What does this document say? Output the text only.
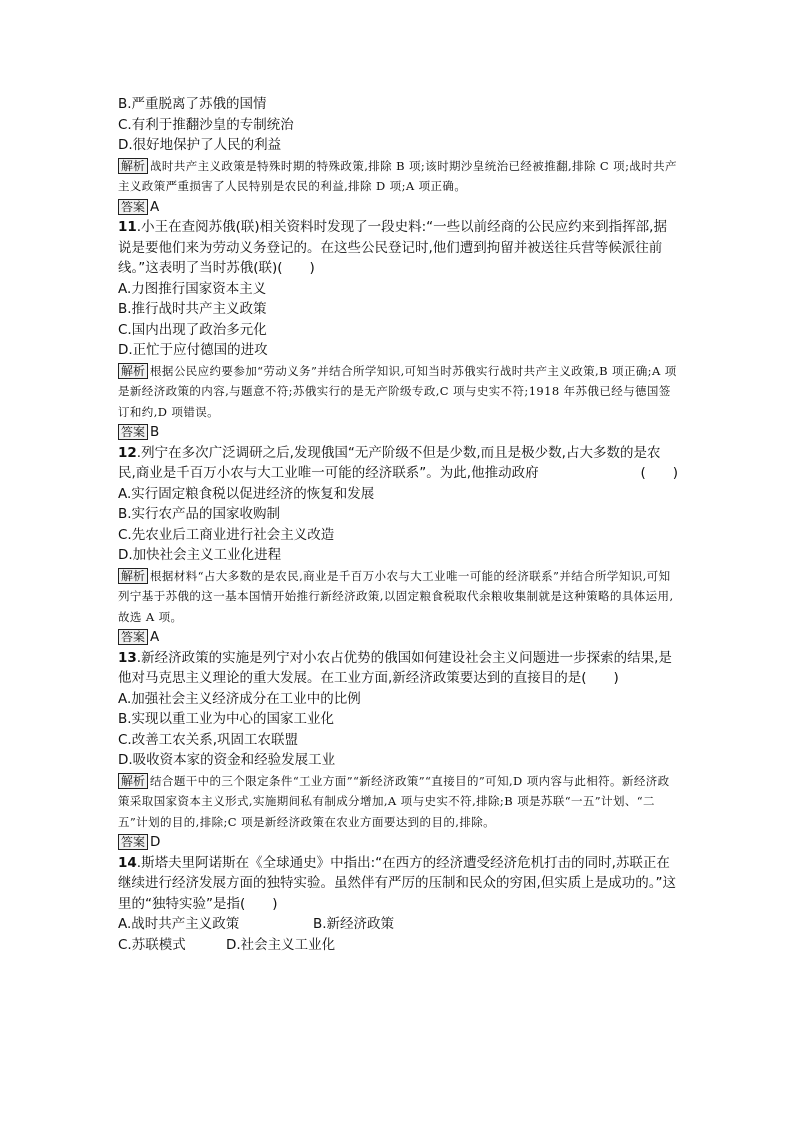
B.严重脱离了苏俄的国情
C.有利于推翻沙皇的专制统治
D.很好地保护了人民的利益
解析 战时共产主义政策是特殊时期的特殊政策,排除 B 项;该时期沙皇统治已经被推翻,排除 C 项;战时共产主义政策严重损害了人民特别是农民的利益,排除 D 项;A 项正确。
答案 A
11.小王在查阅苏俄(联)相关资料时发现了一段史料:“一些以前经商的公民应约来到指挥部,据说是要他们来为劳动义务登记的。在这些公民登记时,他们遭到拘留并被送往兵营等候派往前线。”这表明了当时苏俄(联)(　　)
A.力图推行国家资本主义
B.推行战时共产主义政策
C.国内出现了政治多元化
D.正忙于应付德国的进攻
解析 根据公民应约要参加“劳动义务”并结合所学知识,可知当时苏俄实行战时共产主义政策,B 项正确;A 项是新经济政策的内容,与题意不符;苏俄实行的是无产阶级专政,C 项与史实不符;1918 年苏俄已经与德国签订和约,D 项错误。
答案 B
12.列宁在多次广泛调研之后,发现俄国“无产阶级不但是少数,而且是极少数,占大多数的是农民,商业是千百万小农与大工业唯一可能的经济联系”。为此,他推动政府	(　　)
A.实行固定粮食税以促进经济的恢复和发展
B.实行农产品的国家收购制
C.先农业后工商业进行社会主义改造
D.加快社会主义工业化进程
解析 根据材料“占大多数的是农民,商业是千百万小农与大工业唯一可能的经济联系”并结合所学知识,可知列宁基于苏俄的这一基本国情开始推行新经济政策,以固定粮食税取代余粮收集制就是这种策略的具体运用,故选 A 项。
答案 A
13.新经济政策的实施是列宁对小农占优势的俄国如何建设社会主义问题进一步探索的结果,是他对马克思主义理论的重大发展。在工业方面,新经济政策要达到的直接目的是(　　)
A.加强社会主义经济成分在工业中的比例
B.实现以重工业为中心的国家工业化
C.改善工农关系,巩固工农联盟
D.吸收资本家的资金和经验发展工业
解析 结合题干中的三个限定条件“工业方面”“新经济政策”“直接目的”可知,D 项内容与此相符。新经济政策采取国家资本主义形式,实施期间私有制成分增加,A 项与史实不符,排除;B 项是苏联“一五”计划、“二五”计划的目的,排除;C 项是新经济政策在农业方面要达到的目的,排除。
答案 D
14.斯塔夫里阿诺斯在《全球通史》中指出:“在西方的经济遭受经济危机打击的同时,苏联正在继续进行经济发展方面的独特实验。虽然伴有严厉的压制和民众的穷困,但实质上是成功的。”这里的“独特实验”是指(　　)
A.战时共产主义政策	B.新经济政策
C.苏联模式	D.社会主义工业化
